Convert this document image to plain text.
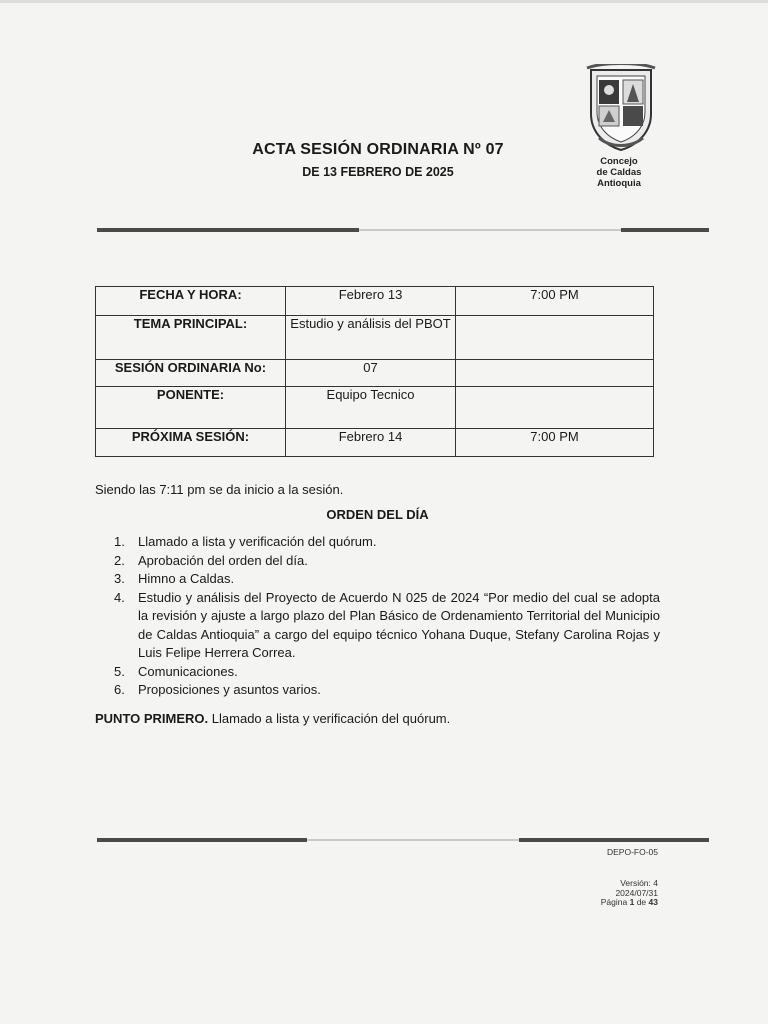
ACTA SESIÓN ORDINARIA Nº 07
DE 13 FEBRERO DE 2025
Concejo
de Caldas
Antioquia
FECHA Y HORA:	Febrero 13	7:00 PM
TEMA PRINCIPAL:	Estudio y análisis del PBOT	
SESIÓN ORDINARIA No:	07	
PONENTE:	Equipo Tecnico	
PRÓXIMA SESIÓN:	Febrero 14	7:00 PM
Siendo las 7:11 pm se da inicio a la sesión.
ORDEN DEL DÍA
1. Llamado a lista y verificación del quórum.
2. Aprobación del orden del día.
3. Himno a Caldas.
4. Estudio y análisis del Proyecto de Acuerdo N 025 de 2024 “Por medio del cual se adopta la revisión y ajuste a largo plazo del Plan Básico de Ordenamiento Territorial del Municipio de Caldas Antioquia” a cargo del equipo técnico Yohana Duque, Stefany Carolina Rojas y Luis Felipe Herrera Correa.
5. Comunicaciones.
6. Proposiciones y asuntos varios.
PUNTO PRIMERO. Llamado a lista y verificación del quórum.
DEPO-FO-05
Versión: 4
2024/07/31
Página 1 de 43
